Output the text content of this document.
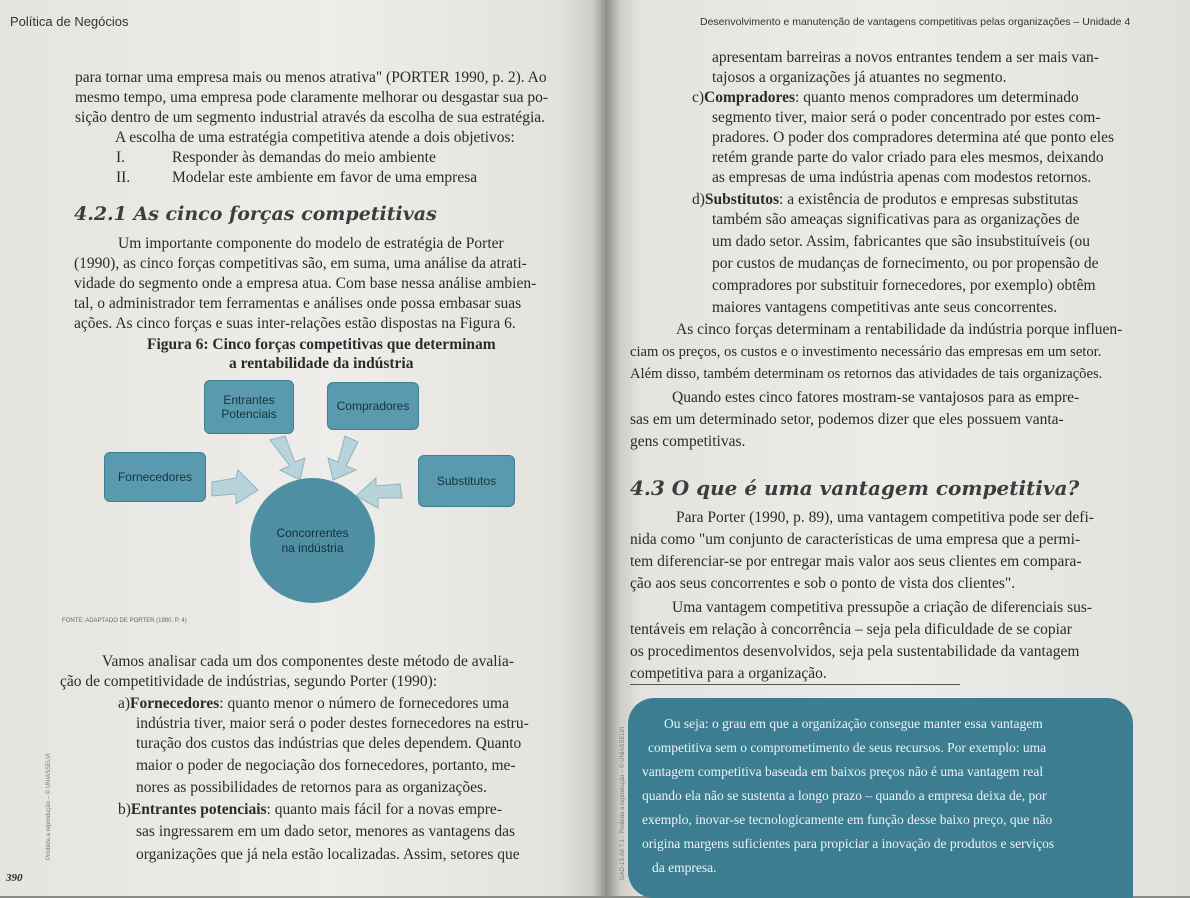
Política de Negócios
para tornar uma empresa mais ou menos atrativa" (PORTER 1990, p. 2). Ao
mesmo tempo, uma empresa pode claramente melhorar ou desgastar sua po-
sição dentro de um segmento industrial através da escolha de sua estratégia.
A escolha de uma estratégia competitiva atende a dois objetivos:
I.	Responder às demandas do meio ambiente
II.	Modelar este ambiente em favor de uma empresa
4.2.1 As cinco forças competitivas
Um importante componente do modelo de estratégia de Porter
(1990), as cinco forças competitivas são, em suma, uma análise da atrati-
vidade do segmento onde a empresa atua. Com base nessa análise ambien-
tal, o administrador tem ferramentas e análises onde possa embasar suas
ações. As cinco forças e suas inter-relações estão dispostas na Figura 6.
Figura 6: Cinco forças competitivas que determinam
a rentabilidade da indústria
Entrantes
Potenciais
Compradores
Fornecedores	Substitutos
Concorrentes
na indústria
FONTE: ADAPTADO DE PORTER (1990, P. 4)
Vamos analisar cada um dos componentes deste método de avalia-
ção de competitividade de indústrias, segundo Porter (1990):
a)Fornecedores: quanto menor o número de fornecedores uma
indústria tiver, maior será o poder destes fornecedores na estru-
turação dos custos das indústrias que deles dependem. Quanto
maior o poder de negociação dos fornecedores, portanto, me-
nores as possibilidades de retornos para as organizações.
b)Entrantes potenciais: quanto mais fácil for a novas empre-
sas ingressarem em um dado setor, menores as vantagens das
organizações que já nela estão localizadas. Assim, setores que
390
Proibida a reprodução – © UNIASSELVI
Desenvolvimento e manutenção de vantagens competitivas pelas organizações – Unidade 4
apresentam barreiras a novos entrantes tendem a ser mais van-
tajosos a organizações já atuantes no segmento.
c)Compradores: quanto menos compradores um determinado
segmento tiver, maior será o poder concentrado por estes com-
pradores. O poder dos compradores determina até que ponto eles
retém grande parte do valor criado para eles mesmos, deixando
as empresas de uma indústria apenas com modestos retornos.
d)Substitutos: a existência de produtos e empresas substitutas
também são ameaças significativas para as organizações de
um dado setor. Assim, fabricantes que são insubstituíveis (ou
por custos de mudanças de fornecimento, ou por propensão de
compradores por substituir fornecedores, por exemplo) obtêm
maiores vantagens competitivas ante seus concorrentes.
As cinco forças determinam a rentabilidade da indústria porque influen-
ciam os preços, os custos e o investimento necessário das empresas em um setor.
Além disso, também determinam os retornos das atividades de tais organizações.
Quando estes cinco fatores mostram-se vantajosos para as empre-
sas em um determinado setor, podemos dizer que eles possuem vanta-
gens competitivas.
4.3 O que é uma vantagem competitiva?
Para Porter (1990, p. 89), uma vantagem competitiva pode ser defi-
nida como "um conjunto de características de uma empresa que a permi-
tem diferenciar-se por entregar mais valor aos seus clientes em compara-
ção aos seus concorrentes e sob o ponto de vista dos clientes".
Uma vantagem competitiva pressupõe a criação de diferenciais sus-
tentáveis em relação à concorrência – seja pela dificuldade de se copiar
os procedimentos desenvolvidos, seja pela sustentabilidade da vantagem
competitiva para a organização.
Ou seja: o grau em que a organização consegue manter essa vantagem
competitiva sem o comprometimento de seus recursos. Por exemplo: uma
vantagem competitiva baseada em baixos preços não é uma vantagem real
quando ela não se sustenta a longo prazo – quando a empresa deixa de, por
exemplo, inovar-se tecnologicamente em função desse baixo preço, que não
origina margens suficientes para propiciar a inovação de produtos e serviços
da empresa.
GAD-13-A0 7.1 - Proibida a reprodução – © UNIASSELVI
